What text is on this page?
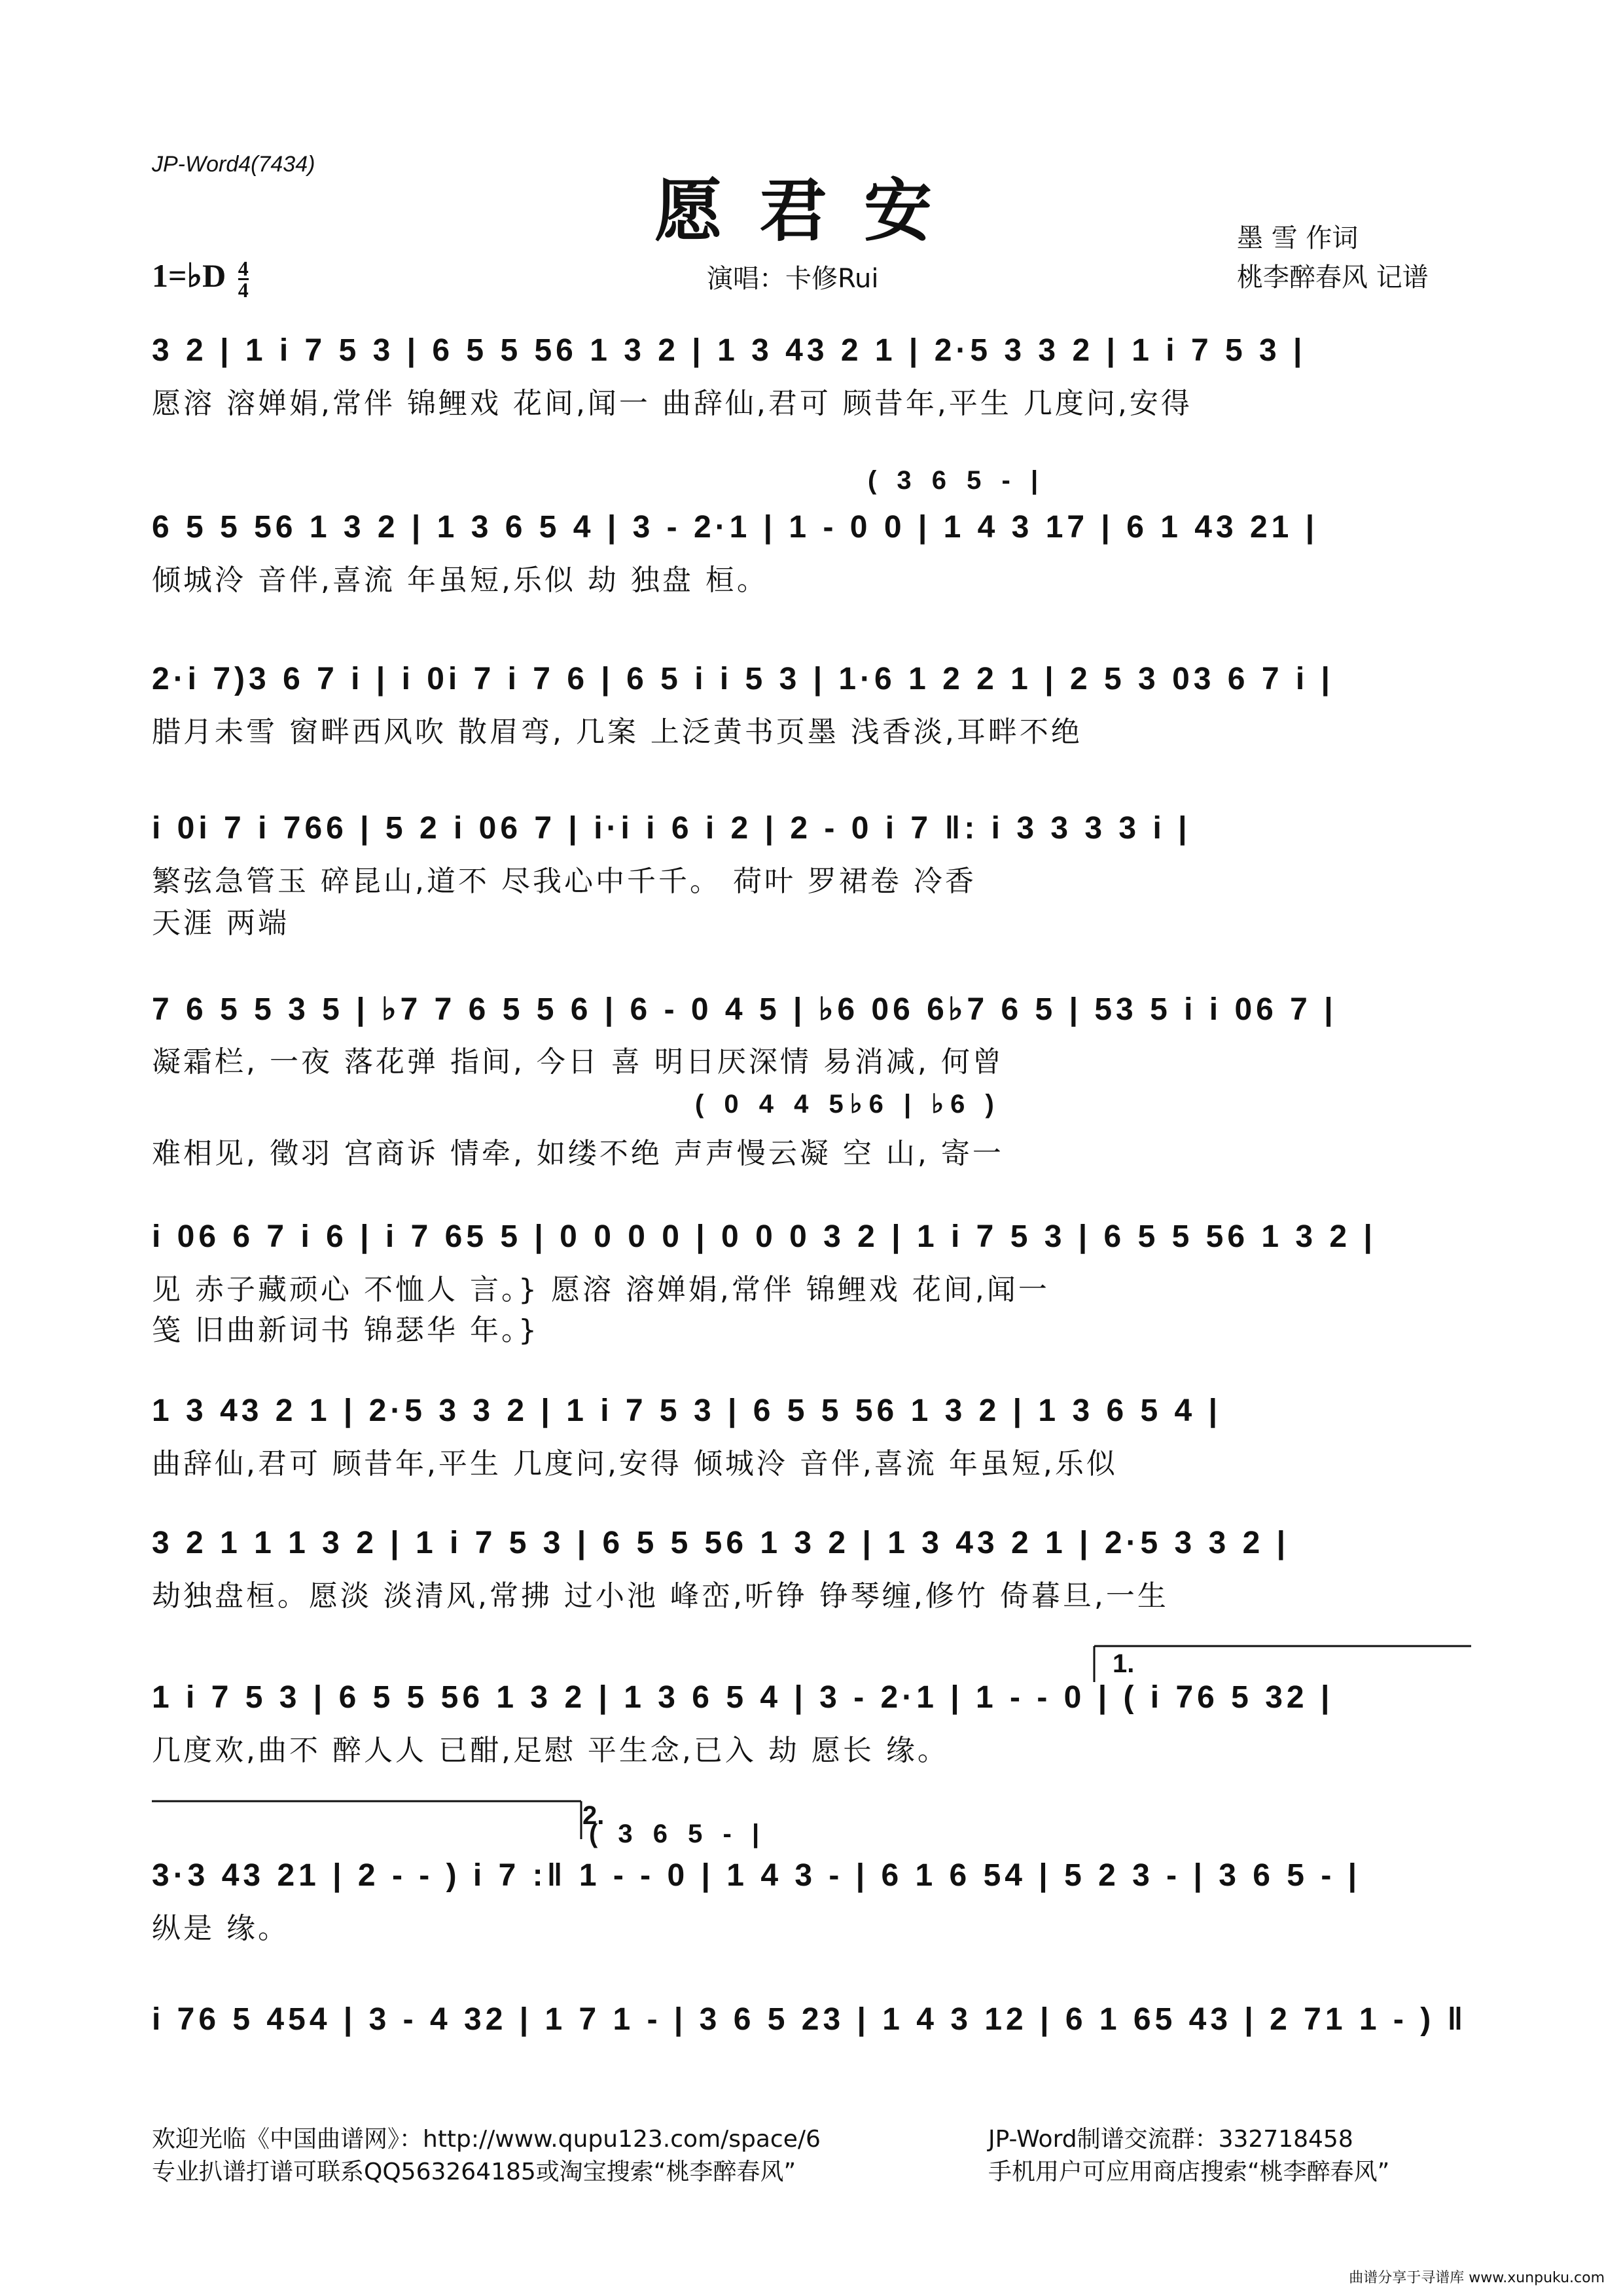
JP-Word4(7434)
愿君安	墨 雪 作词
桃李醉春风 记谱
1=♭D $\frac{4}{4}$	演唱：卡修Rui
3 2 | 1 i 7 5 3 | 6 5 5 56 1 3 2 | 1 3 43 2 1 | 2·5 3 3 2 | 1 i 7 5 3 |
愿溶 溶婵娟,常伴 锦鲤戏 花间,闻一 曲辞仙,君可 顾昔年,平生 几度问,安得
( 3 6 5 - |
6 5 5 56 1 3 2 | 1 3 6 5 4 | 3 - 2·1 | 1 - 0 0 | 1 4 3 17 | 6 1 43 21 |
倾城泠 音伴,喜流 年虽短,乐似 劫 独盘 桓。
2·i 7)3 6 7 i | i 0i 7 i 7 6 | 6 5 i i 5 3 | 1·6 1 2 2 1 | 2 5 3 03 6 7 i |
腊月未雪 窗畔西风吹 散眉弯, 几案 上泛黄书页墨 浅香淡,耳畔不绝
i 0i 7 i 766 | 5 2 i 06 7 | i·i i 6 i 2 | 2 - 0 i 7 ‖: i 3 3 3 3 i |
繁弦急管玉 碎昆山,道不 尽我心中千千。 荷叶 罗裙卷 冷香
天涯 两端
7 6 5 5 3 5 | ♭7 7 6 5 5 6 | 6 - 0 4 5 | ♭6 06 6♭7 6 5 | 53 5 i i 06 7 |
凝霜栏, 一夜 落花弹 指间, 今日 喜 明日厌深情 易消减, 何曾
( 0 4 4 5♭6 | ♭6 )
难相见, 徵羽 宫商诉 情牵, 如缕不绝 声声慢云凝 空 山, 寄一
i 06 6 7 i 6 | i 7 65 5 | 0 0 0 0 | 0 0 0 3 2 | 1 i 7 5 3 | 6 5 5 56 1 3 2 |
见 赤子藏顽心 不恤人 言。} 愿溶 溶婵娟,常伴 锦鲤戏 花间,闻一
笺 旧曲新词书 锦瑟华 年。}
1 3 43 2 1 | 2·5 3 3 2 | 1 i 7 5 3 | 6 5 5 56 1 3 2 | 1 3 6 5 4 |
曲辞仙,君可 顾昔年,平生 几度问,安得 倾城泠 音伴,喜流 年虽短,乐似
3 2 1 1 1 3 2 | 1 i 7 5 3 | 6 5 5 56 1 3 2 | 1 3 43 2 1 | 2·5 3 3 2 |
劫独盘桓。愿淡 淡清风,常拂 过小池 峰峦,听铮 铮琴缠,修竹 倚暮旦,一生
1.
1 i 7 5 3 | 6 5 5 56 1 3 2 | 1 3 6 5 4 | 3 - 2·1 | 1 - - 0 | ( i 76 5 32 |
几度欢,曲不 醉人人 已酣,足慰 平生念,已入 劫 愿长 缘。
2.
( 3 6 5 - |
3·3 43 21 | 2 - - ) i 7 :‖ 1 - - 0 | 1 4 3 - | 6 1 6 54 | 5 2 3 - | 3 6 5 - |
纵是 缘。
i 76 5 454 | 3 - 4 32 | 1 7 1 - | 3 6 5 23 | 1 4 3 12 | 6 1 65 43 | 2 71 1 - ) ‖
欢迎光临《中国曲谱网》：http://www.qupu123.com/space/6
专业扒谱打谱可联系QQ563264185或淘宝搜索“桃李醉春风”
JP-Word制谱交流群：332718458
手机用户可应用商店搜索“桃李醉春风”
曲谱分享于寻谱库 www.xunpuku.com
